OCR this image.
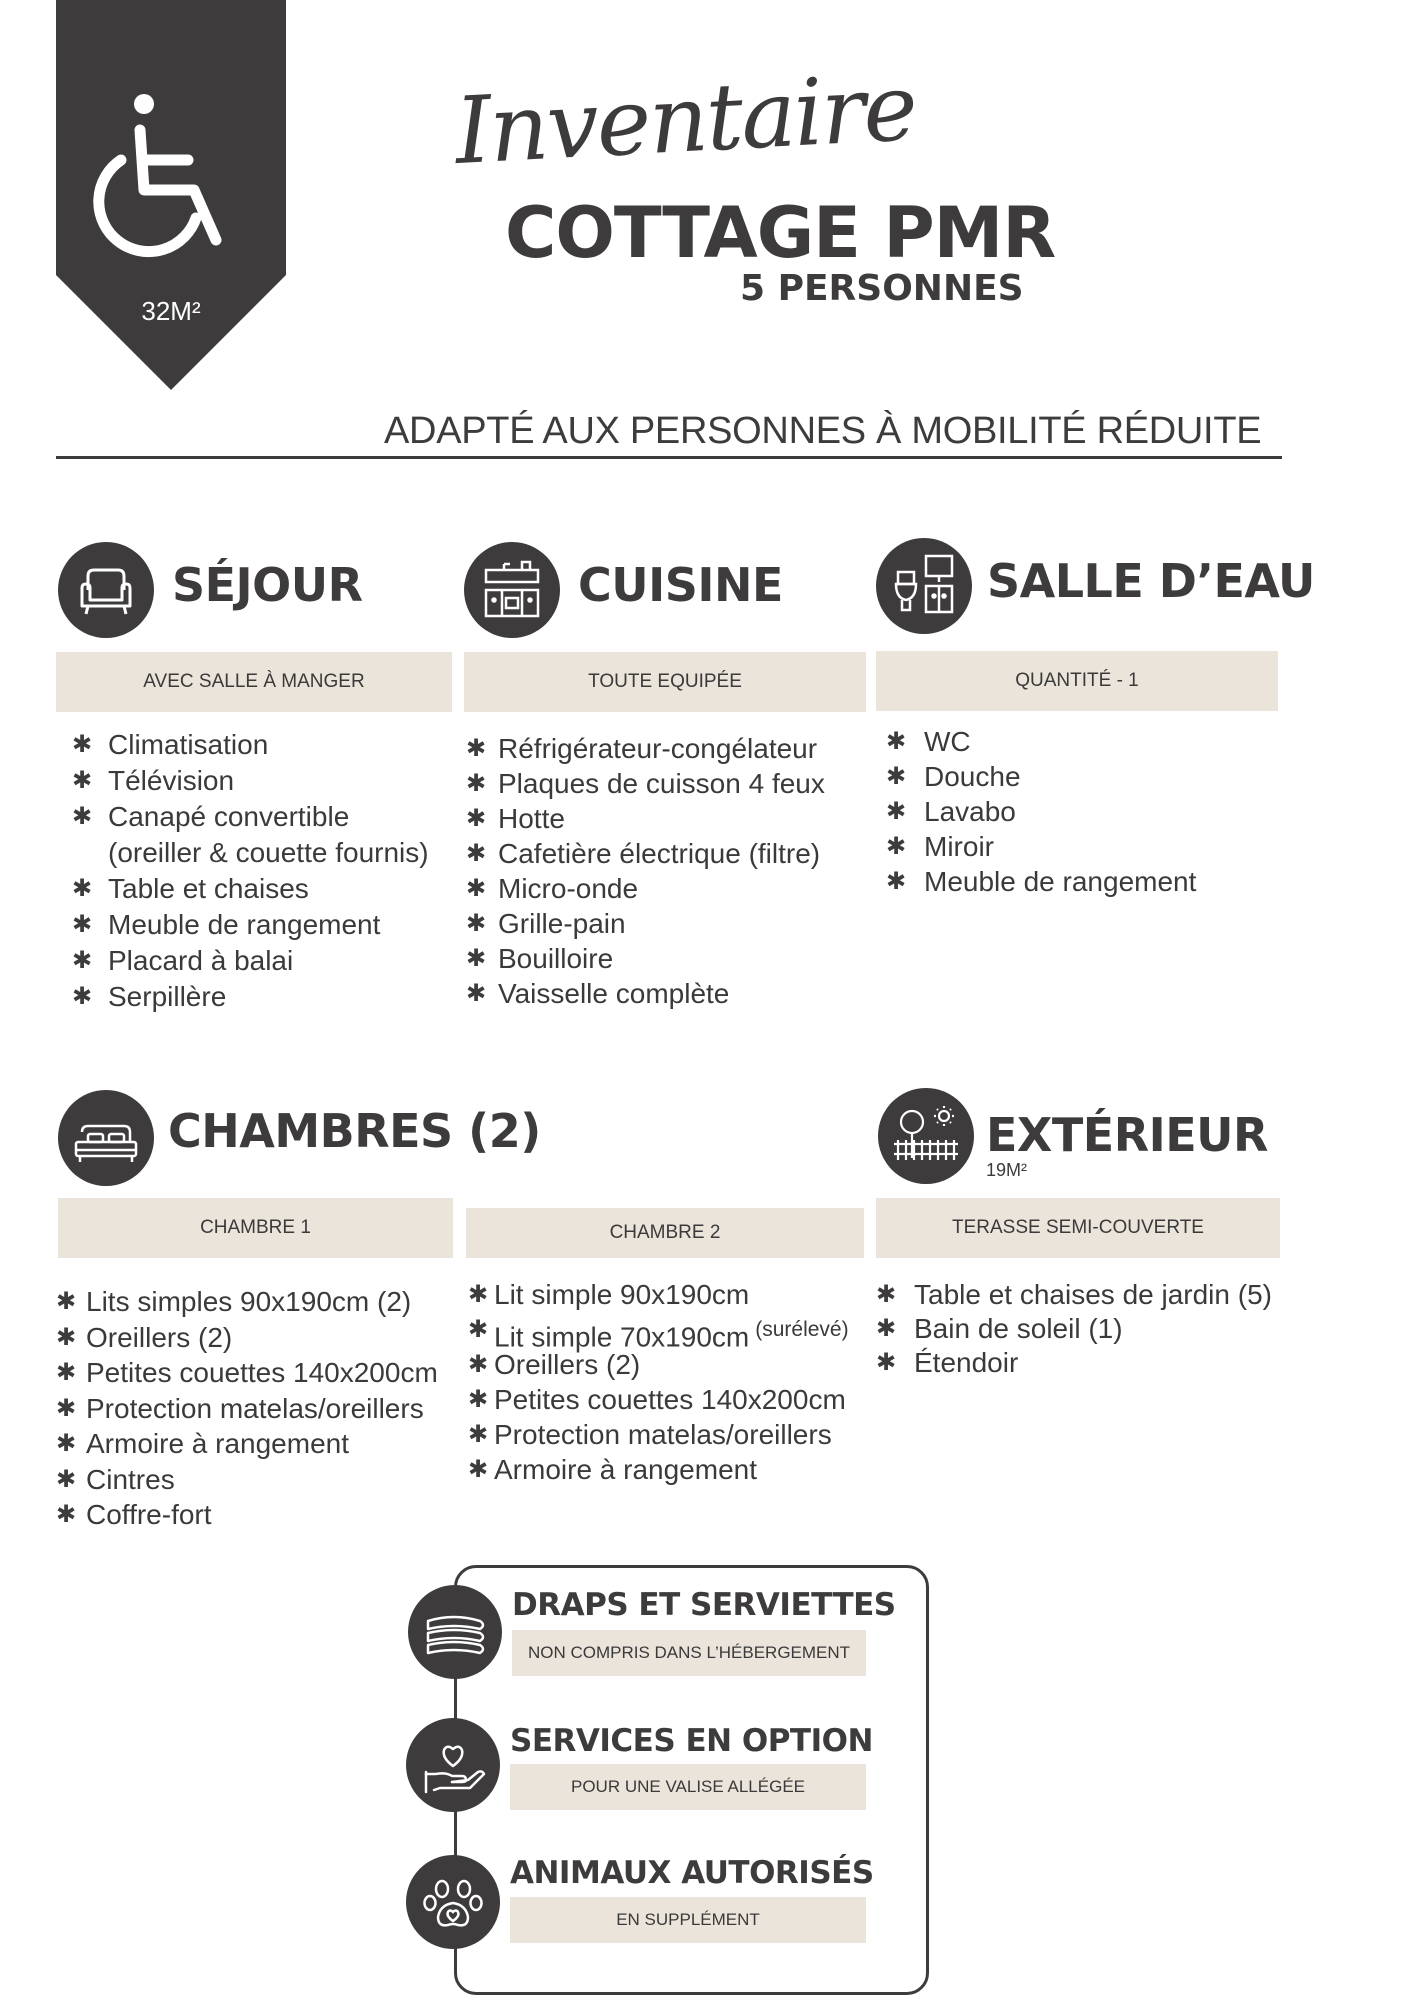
32M²
Inventaire
COTTAGE PMR
5 PERSONNES
ADAPTÉ AUX PERSONNES À MOBILITÉ RÉDUITE
SÉJOUR
AVEC SALLE À MANGER
✱ Climatisation
✱ Télévision
✱ Canapé convertible
(oreiller & couette fournis)
✱ Table et chaises
✱ Meuble de rangement
✱ Placard à balai
✱ Serpillère
CUISINE
TOUTE EQUIPÉE
✱ Réfrigérateur-congélateur
✱ Plaques de cuisson 4 feux
✱ Hotte
✱ Cafetière électrique (filtre)
✱ Micro-onde
✱ Grille-pain
✱ Bouilloire
✱ Vaisselle complète
SALLE D’EAU
QUANTITÉ - 1
✱ WC
✱ Douche
✱ Lavabo
✱ Miroir
✱ Meuble de rangement
CHAMBRES (2)
CHAMBRE 1	CHAMBRE 2
✱ Lits simples 90x190cm (2)
✱ Oreillers (2)
✱ Petites couettes 140x200cm
✱ Protection matelas/oreillers
✱ Armoire à rangement
✱ Cintres
✱ Coffre-fort
✱ Lit simple 90x190cm
✱ Lit simple 70x190cm $^{(surélevé)}$
✱ Oreillers (2)
✱ Petites couettes 140x200cm
✱ Protection matelas/oreillers
✱ Armoire à rangement
EXTÉRIEUR
19M²
TERASSE SEMI-COUVERTE
✱ Table et chaises de jardin (5)
✱ Bain de soleil (1)
✱ Étendoir
DRAPS ET SERVIETTES
NON COMPRIS DANS L’HÉBERGEMENT
SERVICES EN OPTION
POUR UNE VALISE ALLÉGÉE
ANIMAUX AUTORISÉS
EN SUPPLÉMENT
